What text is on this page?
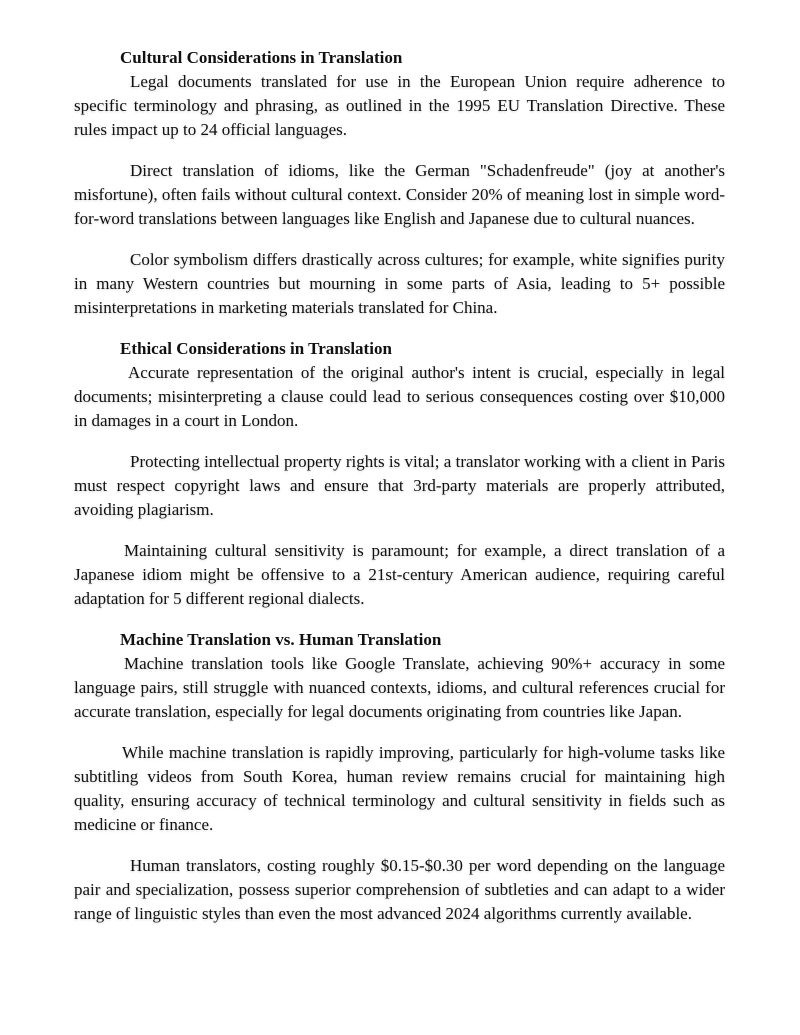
Cultural Considerations in Translation

Legal documents translated for use in the European Union require adherence to specific terminology and phrasing, as outlined in the 1995 EU Translation Directive. These rules impact up to 24 official languages.

Direct translation of idioms, like the German "Schadenfreude" (joy at another's misfortune), often fails without cultural context. Consider 20% of meaning lost in simple word-for-word translations between languages like English and Japanese due to cultural nuances.

Color symbolism differs drastically across cultures; for example, white signifies purity in many Western countries but mourning in some parts of Asia, leading to 5+ possible misinterpretations in marketing materials translated for China.

Ethical Considerations in Translation

Accurate representation of the original author's intent is crucial, especially in legal documents; misinterpreting a clause could lead to serious consequences costing over $10,000 in damages in a court in London.

Protecting intellectual property rights is vital; a translator working with a client in Paris must respect copyright laws and ensure that 3rd-party materials are properly attributed, avoiding plagiarism.

Maintaining cultural sensitivity is paramount; for example, a direct translation of a Japanese idiom might be offensive to a 21st-century American audience, requiring careful adaptation for 5 different regional dialects.

Machine Translation vs. Human Translation

Machine translation tools like Google Translate, achieving 90%+ accuracy in some language pairs, still struggle with nuanced contexts, idioms, and cultural references crucial for accurate translation, especially for legal documents originating from countries like Japan.

While machine translation is rapidly improving, particularly for high-volume tasks like subtitling videos from South Korea, human review remains crucial for maintaining high quality, ensuring accuracy of technical terminology and cultural sensitivity in fields such as medicine or finance.

Human translators, costing roughly $0.15-$0.30 per word depending on the language pair and specialization, possess superior comprehension of subtleties and can adapt to a wider range of linguistic styles than even the most advanced 2024 algorithms currently available.
